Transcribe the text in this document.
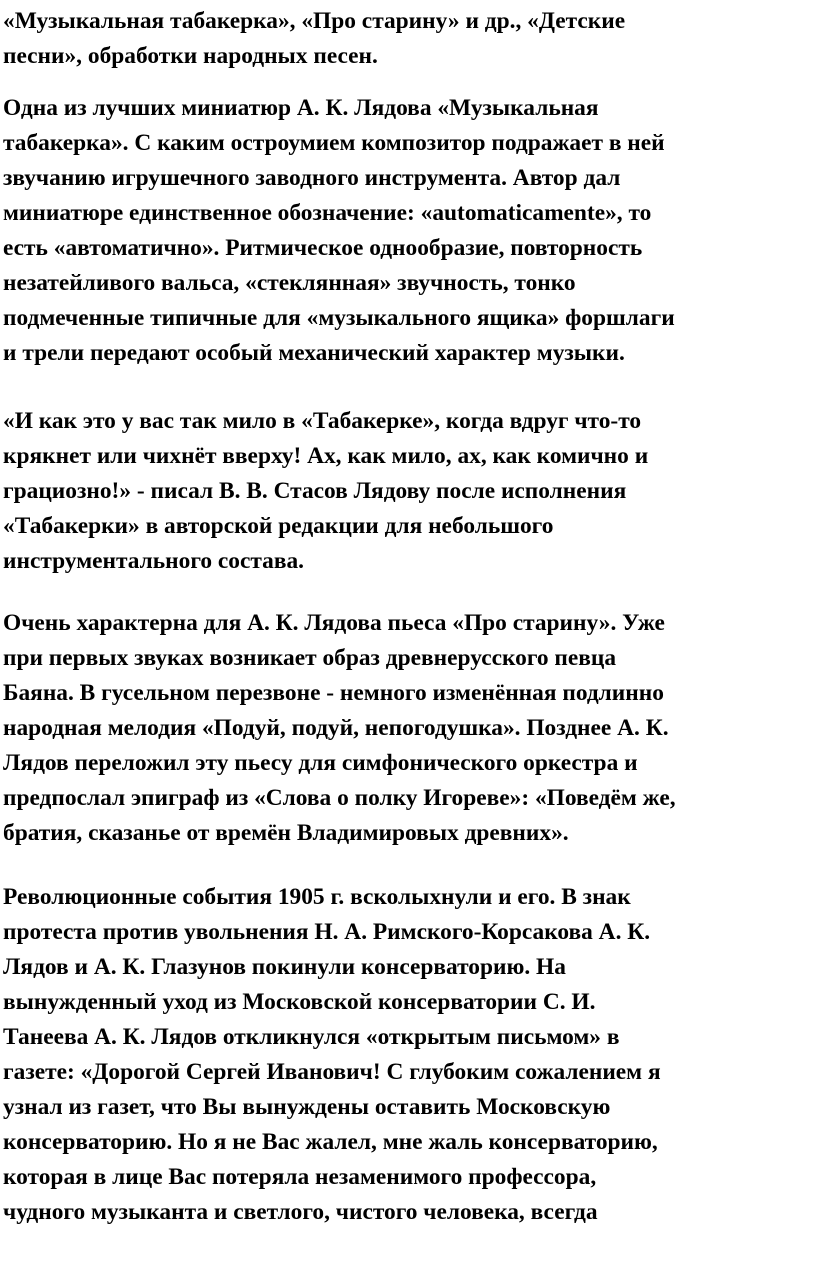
«Музыкальная табакерка», «Про старину» и др., «Детские
песни», обработки народных песен.
Одна из лучших миниатюр А. К. Лядова «Музыкальная
табакерка». С каким остроумием композитор подражает в ней
звучанию игрушечного заводного инструмента. Автор дал
миниатюре единственное обозначение: «automaticamente», то
есть «автоматично». Ритмическое однообразие, повторность
незатейливого вальса, «стеклянная» звучность, тонко
подмеченные типичные для «музыкального ящика» форшлаги
и трели передают особый механический характер музыки.
«И как это у вас так мило в «Табакерке», когда вдруг что-то
крякнет или чихнёт вверху! Ах, как мило, ах, как комично и
грациозно!» - писал В. В. Стасов Лядову после исполнения
«Табакерки» в авторской редакции для небольшого
инструментального состава.
Очень характерна для А. К. Лядова пьеса «Про старину». Уже
при первых звуках возникает образ древнерусского певца
Баяна. В гусельном перезвоне - немного изменённая подлинно
народная мелодия «Подуй, подуй, непогодушка». Позднее А. К.
Лядов переложил эту пьесу для симфонического оркестра и
предпослал эпиграф из «Слова о полку Игореве»: «Поведём же,
братия, сказанье от времён Владимировых древних».
Революционные события 1905 г. всколыхнули и его. В знак
протеста против увольнения Н. А. Римского-Корсакова А. К.
Лядов и А. К. Глазунов покинули консерваторию. На
вынужденный уход из Московской консерватории С. И.
Танеева А. К. Лядов откликнулся «открытым письмом» в
газете: «Дорогой Сергей Иванович! С глубоким сожалением я
узнал из газет, что Вы вынуждены оставить Московскую
консерваторию. Но я не Вас жалел, мне жаль консерваторию,
которая в лице Вас потеряла незаменимого профессора,
чудного музыканта и светлого, чистого человека, всегда
